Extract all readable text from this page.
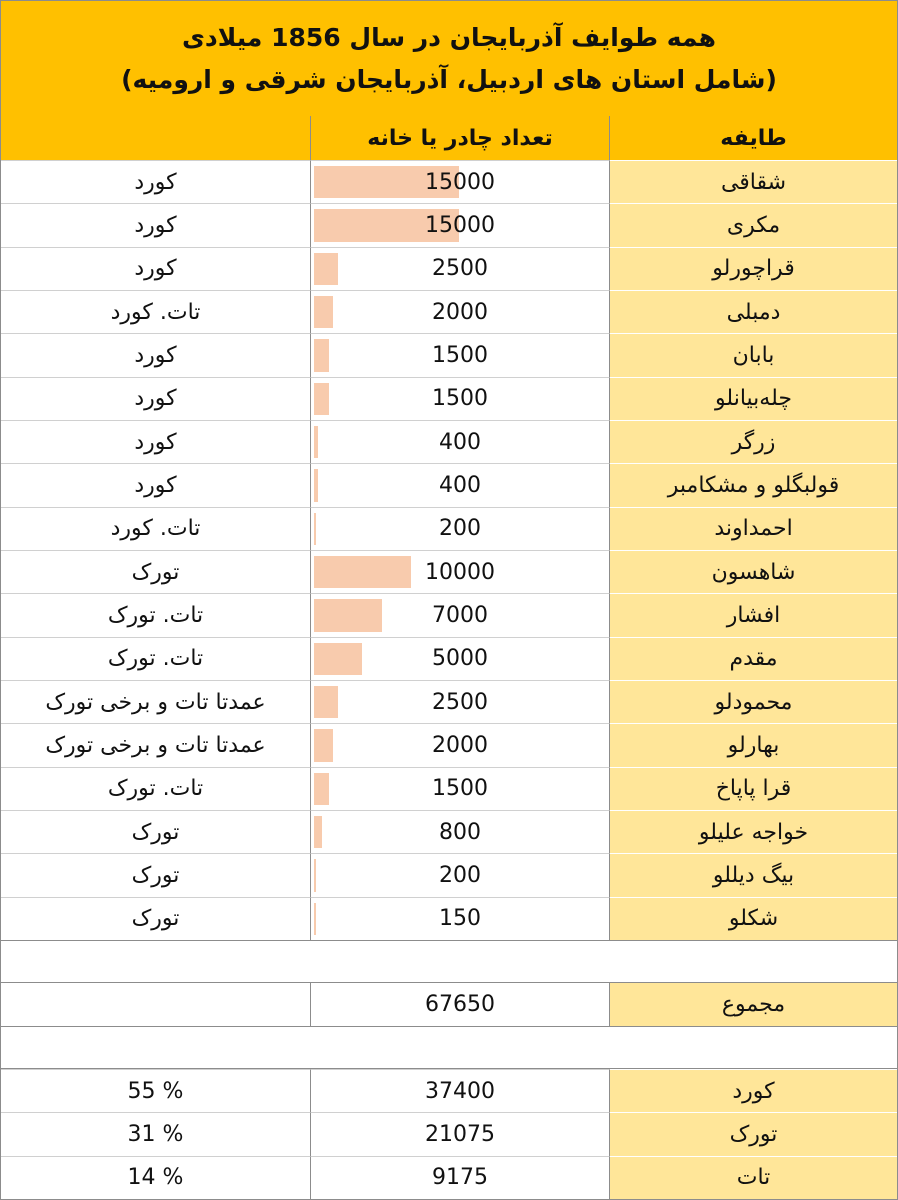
همه طوایف آذربایجان در سال 1856 میلادی
(شامل استان های اردبیل، آذربایجان شرقی و ارومیه)
طایفه
تعداد چادر یا خانه
شقاقی
15000
کورد
مکری
15000
کورد
قراچورلو
2500
کورد
دمبلی
2000
تات. کورد
بابان
1500
کورد
چله‌بیانلو
1500
کورد
زرگر
400
کورد
قولبگلو و مشکامبر
400
کورد
احمداوند
200
تات. کورد
شاهسون
10000
تورک
افشار
7000
تات. تورک
مقدم
5000
تات. تورک
محمودلو
2500
عمدتا تات و برخی تورک
بهارلو
2000
عمدتا تات و برخی تورک
قرا پاپاخ
1500
تات. تورک
خواجه علیلو
800
تورک
بیگ دیللو
200
تورک
شکلو
150
تورک
مجموع
67650
کورد
37400
55 %
تورک
21075
31 %
تات
9175
14 %
